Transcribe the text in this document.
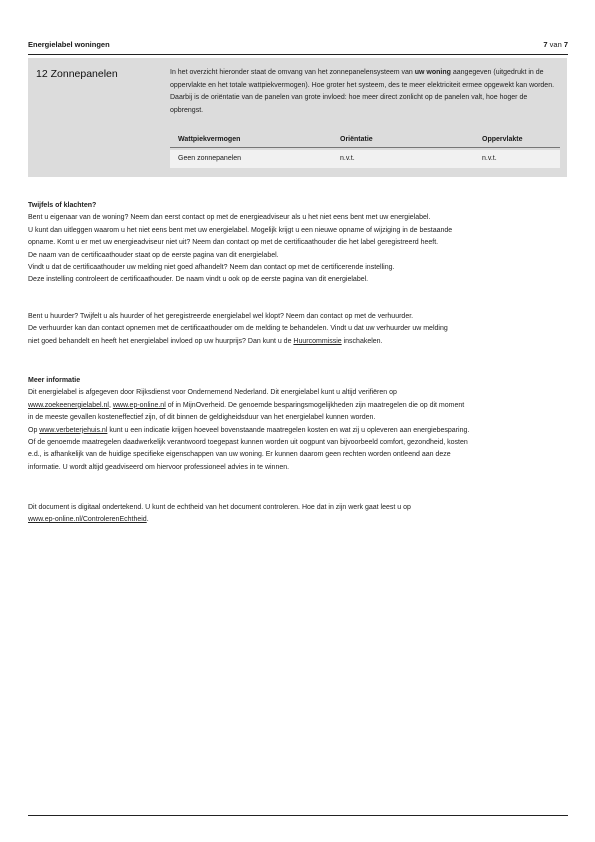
Energielabel woningen	7 van 7
12 Zonnepanelen	In het overzicht hieronder staat de omvang van het zonnepanelensysteem van uw woning aangegeven (uitgedrukt in de oppervlakte en het totale wattpiekvermogen). Hoe groter het systeem, des te meer elektriciteit ermee opgewekt kan worden. Daarbij is de oriëntatie van de panelen van grote invloed: hoe meer direct zonlicht op de panelen valt, hoe hoger de opbrengst.
Wattpiekvermogen	Oriëntatie	Oppervlakte
Geen zonnepanelen	n.v.t.	n.v.t.
Twijfels of klachten?

Bent u eigenaar van de woning? Neem dan eerst contact op met de energieadviseur als u het niet eens bent met uw energielabel.

U kunt dan uitleggen waarom u het niet eens bent met uw energielabel. Mogelijk krijgt u een nieuwe opname of wijziging in de bestaande

opname. Komt u er met uw energieadviseur niet uit? Neem dan contact op met de certificaathouder die het label geregistreerd heeft.

De naam van de certificaathouder staat op de eerste pagina van dit energielabel.

Vindt u dat de certificaathouder uw melding niet goed afhandelt? Neem dan contact op met de certificerende instelling.

Deze instelling controleert de certificaathouder. De naam vindt u ook op de eerste pagina van dit energielabel.

Bent u huurder? Twijfelt u als huurder of het geregistreerde energielabel wel klopt? Neem dan contact op met de verhuurder.

De verhuurder kan dan contact opnemen met de certificaathouder om de melding te behandelen. Vindt u dat uw verhuurder uw melding

niet goed behandelt en heeft het energielabel invloed op uw huurprijs? Dan kunt u de Huurcommissie inschakelen.

Meer informatie

Dit energielabel is afgegeven door Rijksdienst voor Ondernemend Nederland. Dit energielabel kunt u altijd verifiëren op

www.zoekeenergielabel.nl, www.ep-online.nl of in MijnOverheid. De genoemde besparingsmogelijkheden zijn maatregelen die op dit moment

in de meeste gevallen kosteneffectief zijn, of dit binnen de geldigheidsduur van het energielabel kunnen worden.

Op www.verbeterjehuis.nl kunt u een indicatie krijgen hoeveel bovenstaande maatregelen kosten en wat zij u opleveren aan energiebesparing.

Of de genoemde maatregelen daadwerkelijk verantwoord toegepast kunnen worden uit oogpunt van bijvoorbeeld comfort, gezondheid, kosten

e.d., is afhankelijk van de huidige specifieke eigenschappen van uw woning. Er kunnen daarom geen rechten worden ontleend aan deze

informatie. U wordt altijd geadviseerd om hiervoor professioneel advies in te winnen.

Dit document is digitaal ondertekend. U kunt de echtheid van het document controleren. Hoe dat in zijn werk gaat leest u op

www.ep-online.nl/ControlerenEchtheid.
